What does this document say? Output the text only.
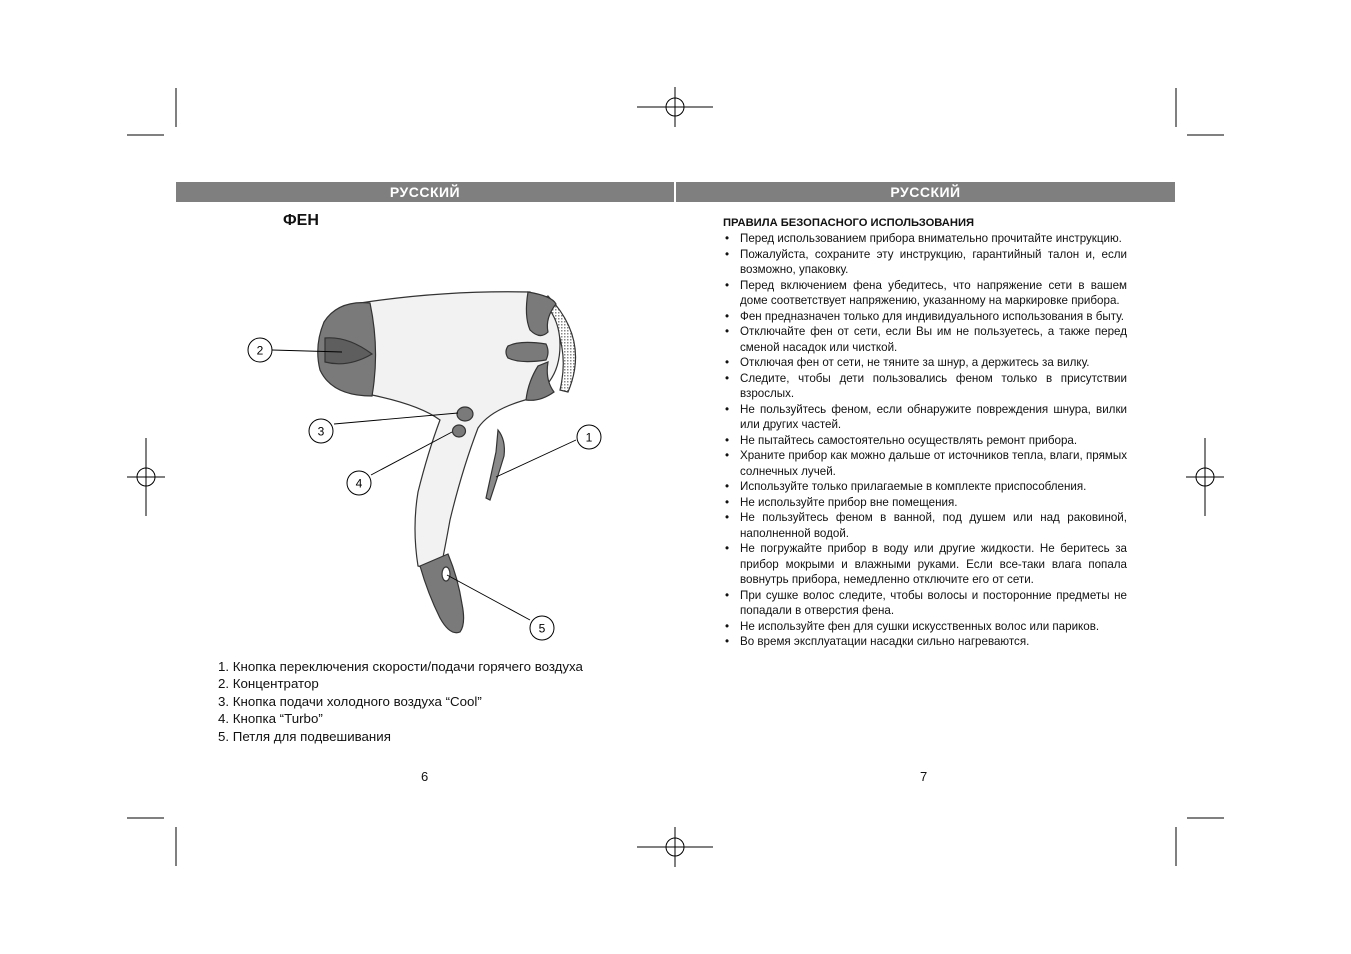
РУССКИЙ	РУССКИЙ
ФЕН
2
3
4
1
5
1. Кнопка переключения скорости/подачи горячего воздуха
2. Концентратор
3. Кнопка подачи холодного воздуха “Cool”
4. Кнопка “Turbo”
5. Петля для подвешивания
6
ПРАВИЛА БЕЗОПАСНОГО ИСПОЛЬЗОВАНИЯ
• Перед использованием прибора внимательно прочитайте инструкцию.
• Пожалуйста, сохраните эту инструкцию, гарантийный талон и, если возможно, упаковку.
• Перед включением фена убедитесь, что напряжение сети в вашем доме соответствует напряжению, указанному на маркировке прибора.
• Фен предназначен только для индивидуального использования в быту.
• Отключайте фен от сети, если Вы им не пользуетесь, а также перед сменой насадок или чисткой.
• Отключая фен от сети, не тяните за шнур, а держитесь за вилку.
• Следите, чтобы дети пользовались феном только в присутствии взрослых.
• Не пользуйтесь феном, если обнаружите повреждения шнура, вилки или других частей.
• Не пытайтесь самостоятельно осуществлять ремонт прибора.
• Храните прибор как можно дальше от источников тепла, влаги, прямых солнечных лучей.
• Используйте только прилагаемые в комплекте приспособления.
• Не используйте прибор вне помещения.
• Не пользуйтесь феном в ванной, под душем или над раковиной, наполненной водой.
• Не погружайте прибор в воду или другие жидкости. Не беритесь за прибор мокрыми и влажными руками. Если все-таки влага попала вовнутрь прибора, немедленно отключите его от сети.
• При сушке волос следите, чтобы волосы и посторонние предметы не попадали в отверстия фена.
• Не используйте фен для сушки искусственных волос или париков.
• Во время эксплуатации насадки сильно нагреваются.
7
